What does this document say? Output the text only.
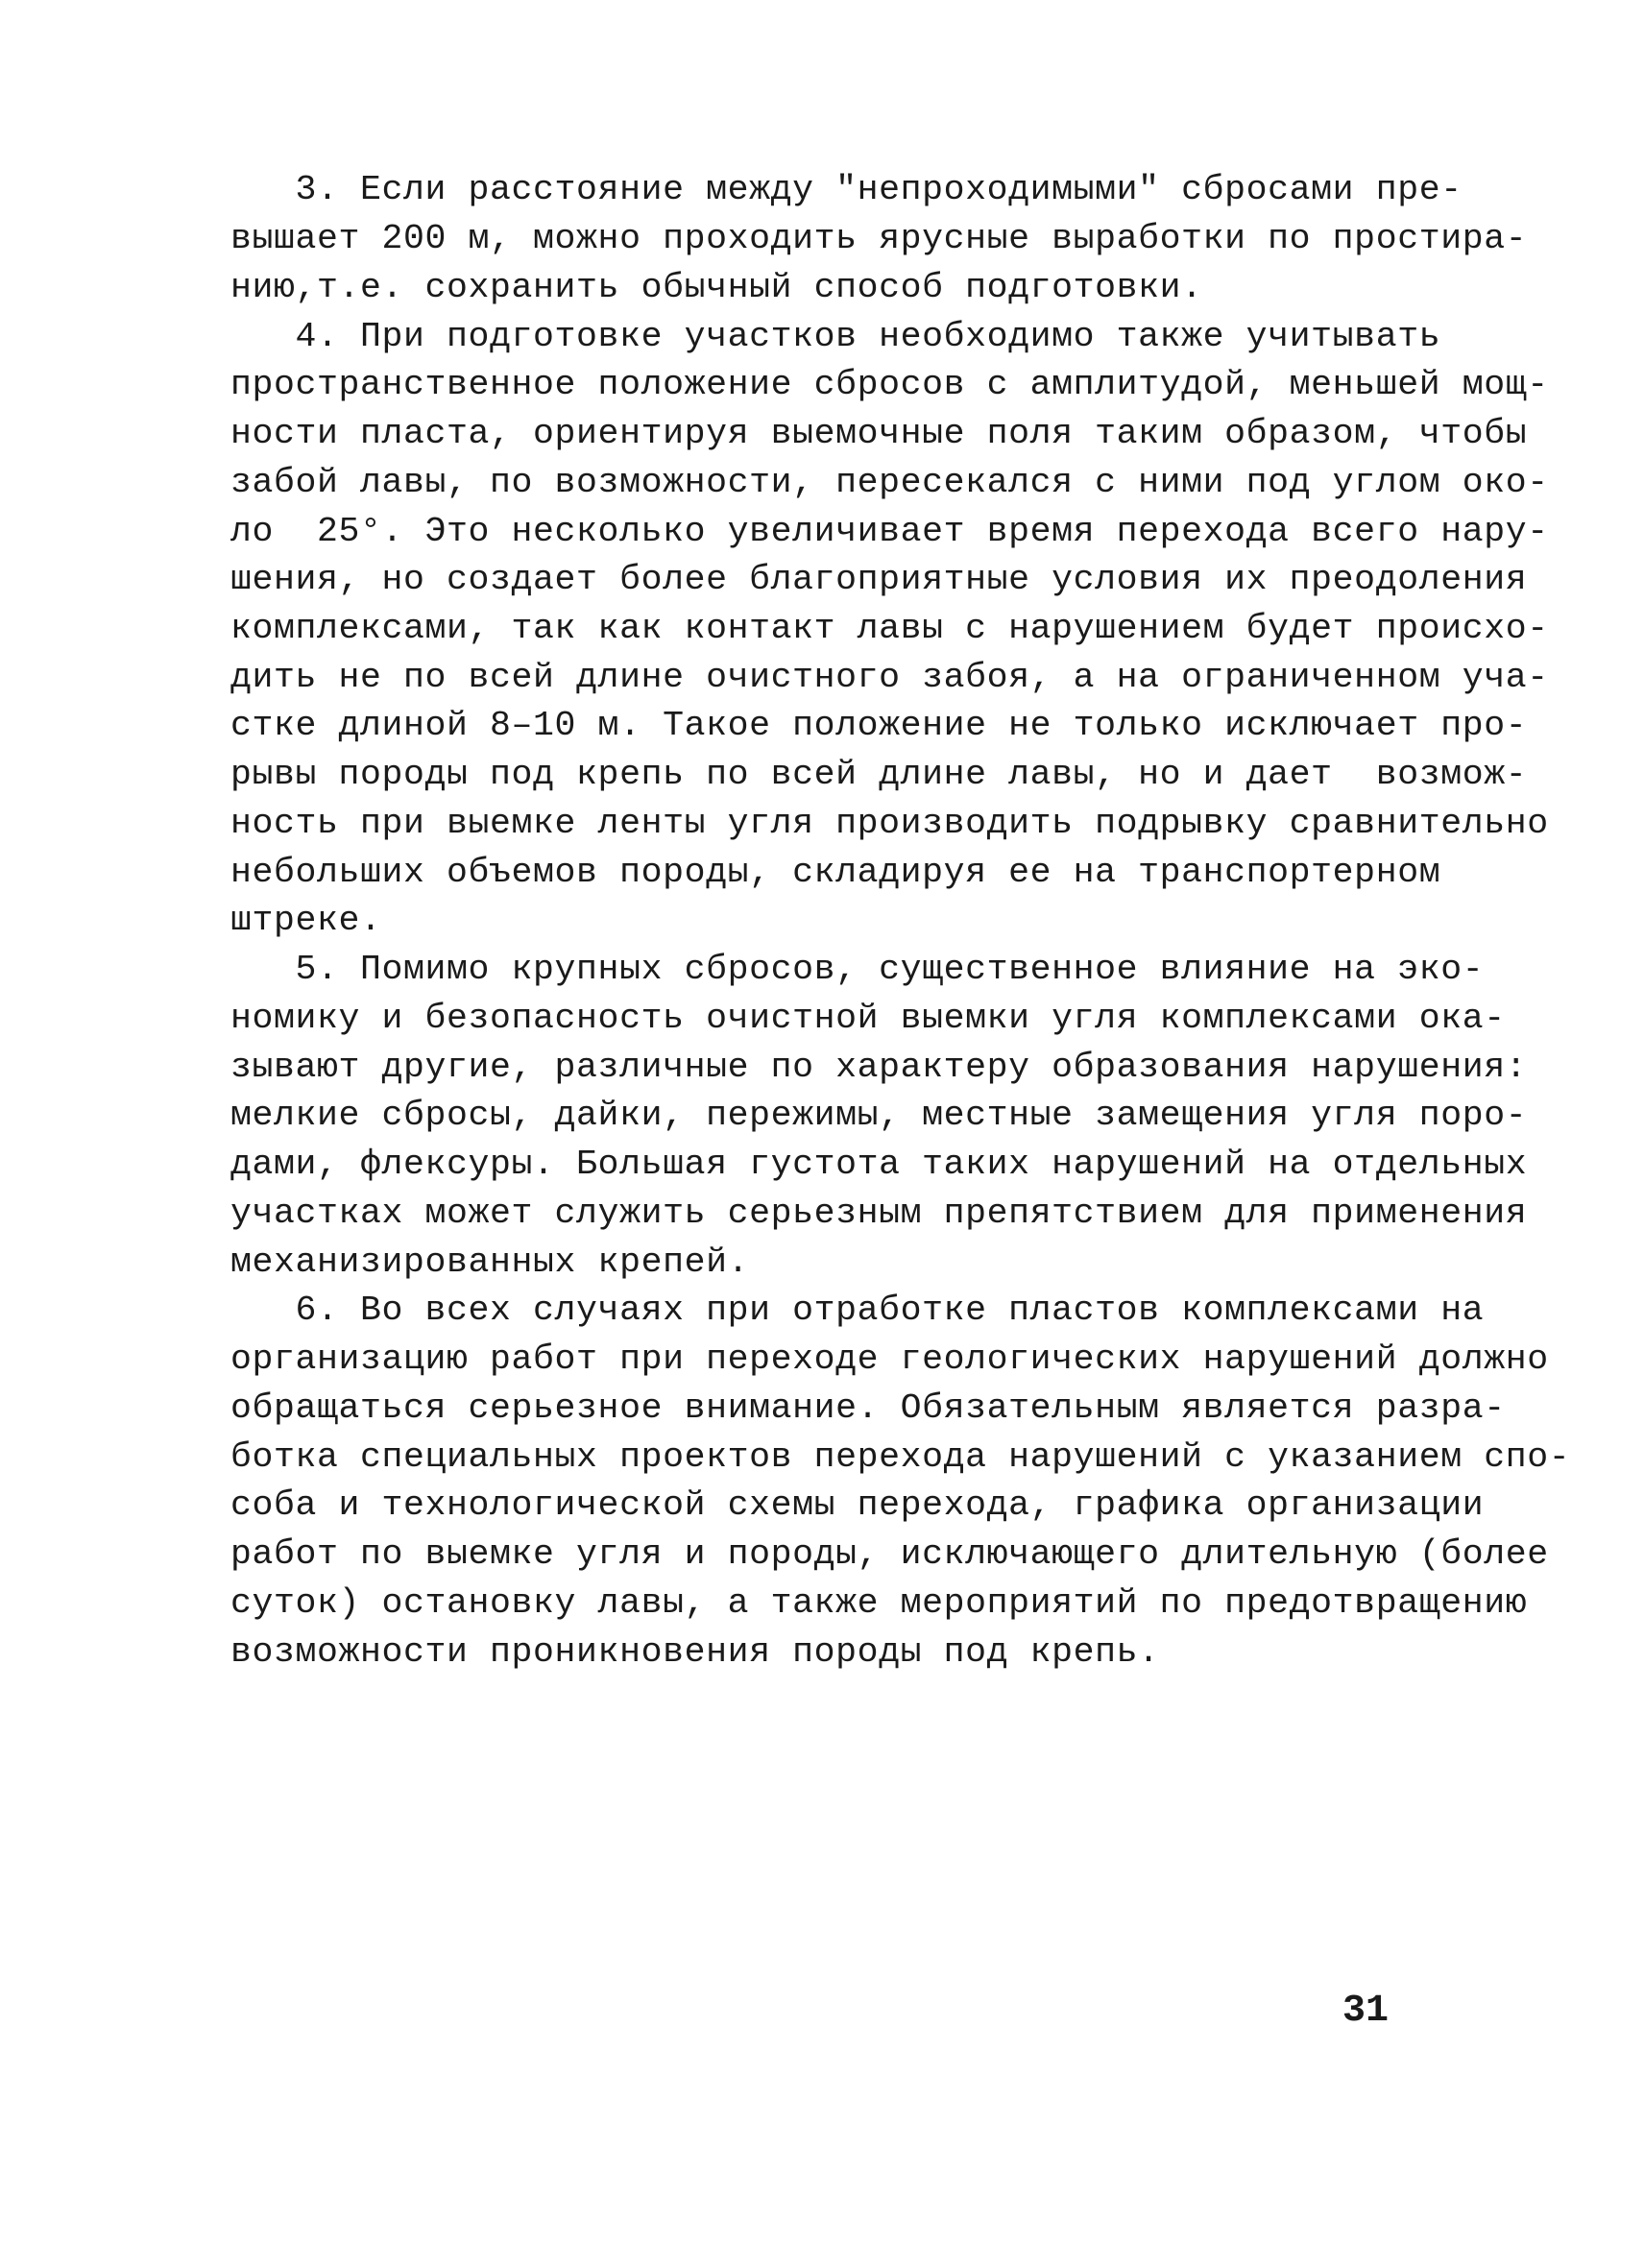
3. Если расстояние между "непроходимыми" сбросами пре-

вышает 200 м, можно проходить ярусные выработки по простира-

нию,т.е. сохранить обычный способ подготовки.

4. При подготовке участков необходимо также учитывать

пространственное положение сбросов с амплитудой, меньшей мощ-

ности пласта, ориентируя выемочные поля таким образом, чтобы

забой лавы, по возможности, пересекался с ними под углом око-

ло  25°. Это несколько увеличивает время перехода всего нару-

шения, но создает более благоприятные условия их преодоления

комплексами, так как контакт лавы с нарушением будет происхо-

дить не по всей длине очистного забоя, а на ограниченном уча-

стке длиной 8–10 м. Такое положение не только исключает про-

рывы породы под крепь по всей длине лавы, но и дает  возмож-

ность при выемке ленты угля производить подрывку сравнительно

небольших объемов породы, складируя ее на транспортерном

штреке.

5. Помимо крупных сбросов, существенное влияние на эко-

номику и безопасность очистной выемки угля комплексами ока-

зывают другие, различные по характеру образования нарушения:

мелкие сбросы, дайки, пережимы, местные замещения угля поро-

дами, флексуры. Большая густота таких нарушений на отдельных

участках может служить серьезным препятствием для применения

механизированных крепей.

6. Во всех случаях при отработке пластов комплексами на

организацию работ при переходе геологических нарушений должно

обращаться серьезное внимание. Обязательным является разра-

ботка специальных проектов перехода нарушений с указанием спо-

соба и технологической схемы перехода, графика организации

работ по выемке угля и породы, исключающего длительную (более

суток) остановку лавы, а также мероприятий по предотвращению

возможности проникновения породы под крепь.

31
